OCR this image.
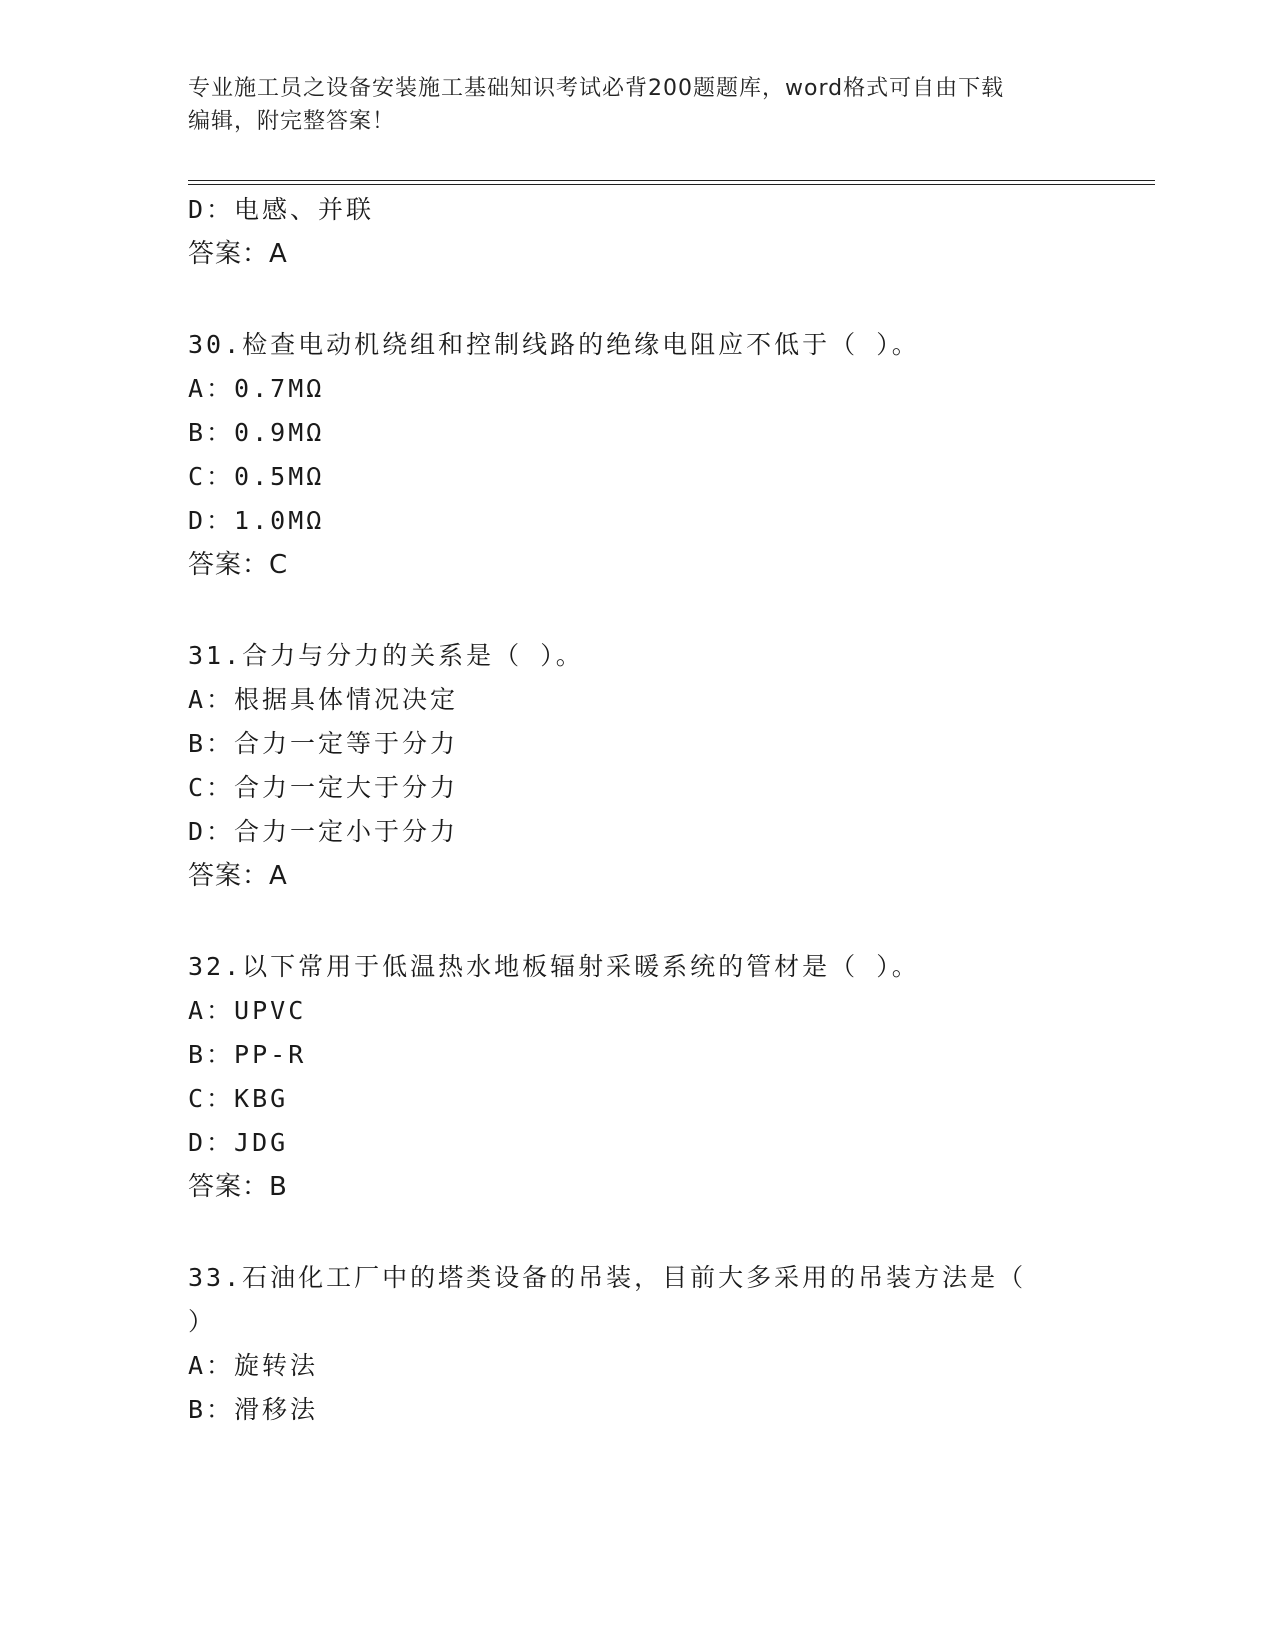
专业施工员之设备安装施工基础知识考试必背200题题库，word格式可自由下载
编辑，附完整答案！
D：电感、并联
答案：A
30.检查电动机绕组和控制线路的绝缘电阻应不低于（ ）。
A：0.7MΩ
B：0.9MΩ
C：0.5MΩ
D：1.0MΩ
答案：C
31.合力与分力的关系是（ ）。
A：根据具体情况决定
B：合力一定等于分力
C：合力一定大于分力
D：合力一定小于分力
答案：A
32.以下常用于低温热水地板辐射采暖系统的管材是（ ）。
A：UPVC
B：PP-R
C：KBG
D：JDG
答案：B
33.石油化工厂中的塔类设备的吊装，目前大多采用的吊装方法是（
）
A：旋转法
B：滑移法
